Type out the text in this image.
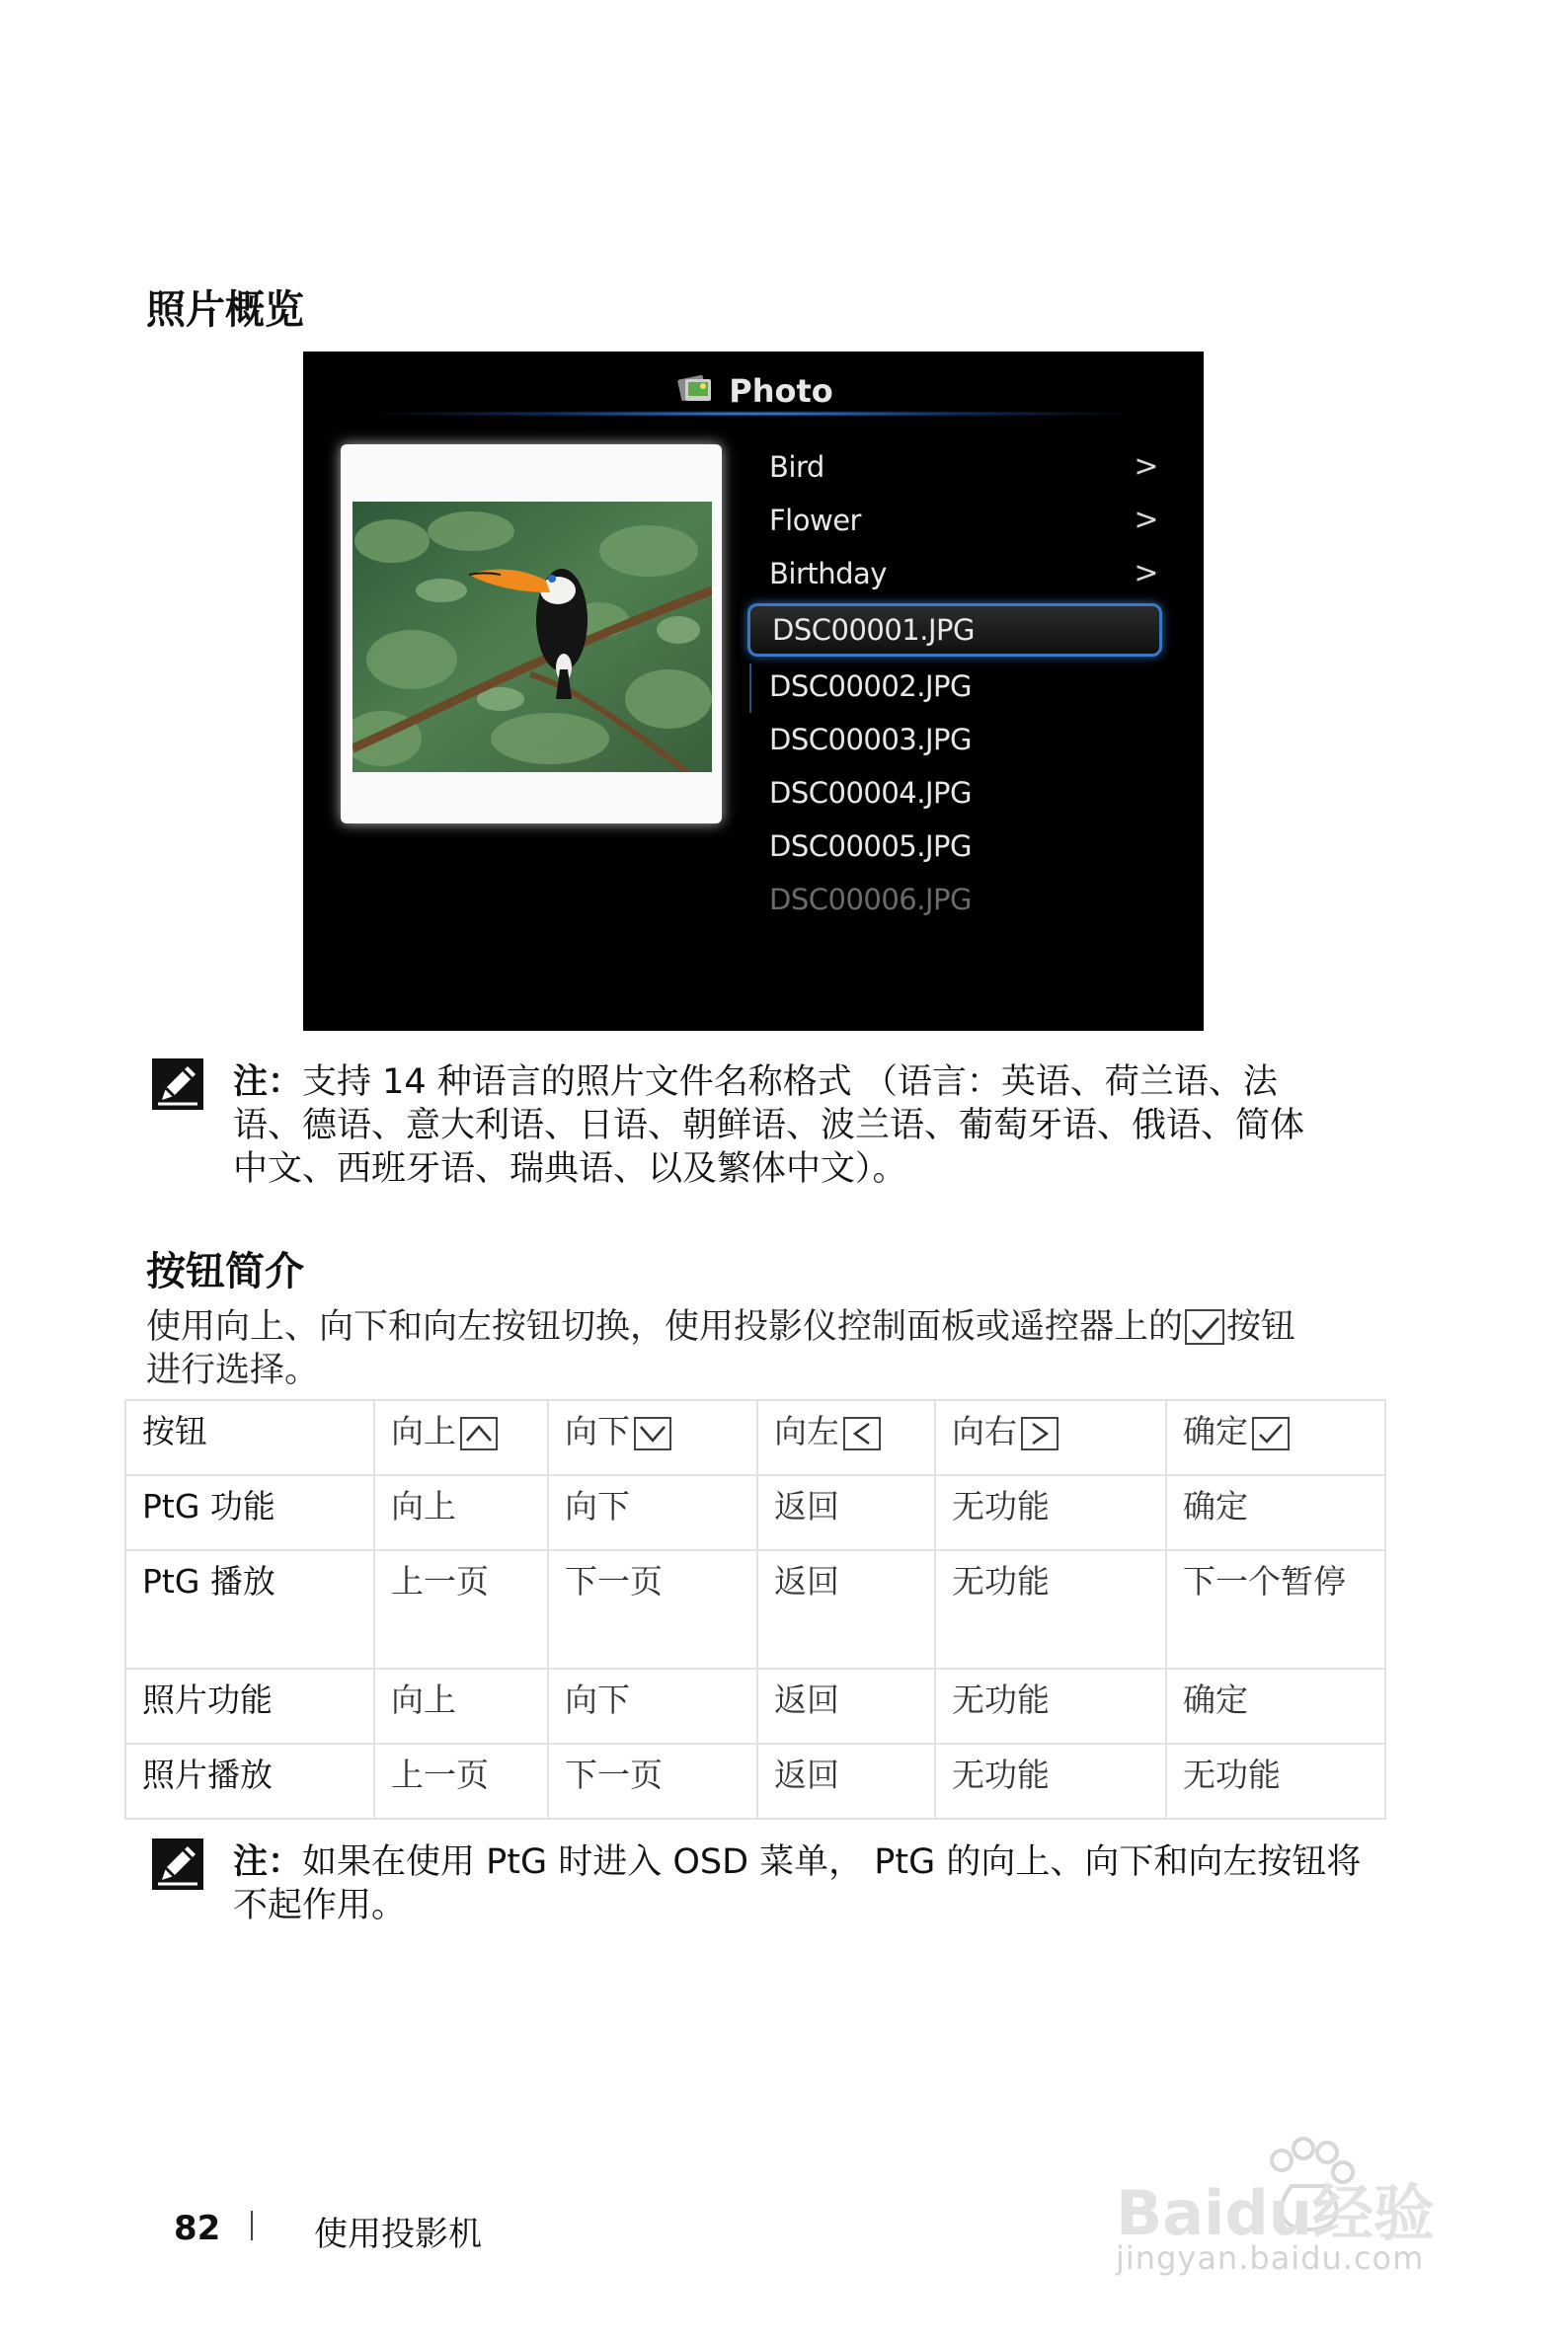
照片概览
Photo
Bird	>
Flower	>
Birthday	>
DSC00001.JPG
DSC00002.JPG
DSC00003.JPG
DSC00004.JPG
DSC00005.JPG
DSC00006.JPG
注：支持 14 种语言的照片文件名称格式 （语言：英语、荷兰语、法
语、德语、意大利语、日语、朝鲜语、波兰语、葡萄牙语、俄语、简体
中文、西班牙语、瑞典语、以及繁体中文）。
按钮简介
使用向上、向下和向左按钮切换，使用投影仪控制面板或遥控器上的 按钮
进行选择。
按钮	向上	向下	向左	向右	确定

PtG 功能	向上	向下	返回	无功能	确定
PtG 播放	上一页	下一页	返回	无功能	下一个暂停
照片功能	向上	向下	返回	无功能	确定
照片播放	上一页	下一页	返回	无功能	无功能
注：如果在使用 PtG 时进入 OSD 菜单， PtG 的向上、向下和向左按钮将
不起作用。
82	使用投影机	Baidu经验
jingyan.baidu.com
